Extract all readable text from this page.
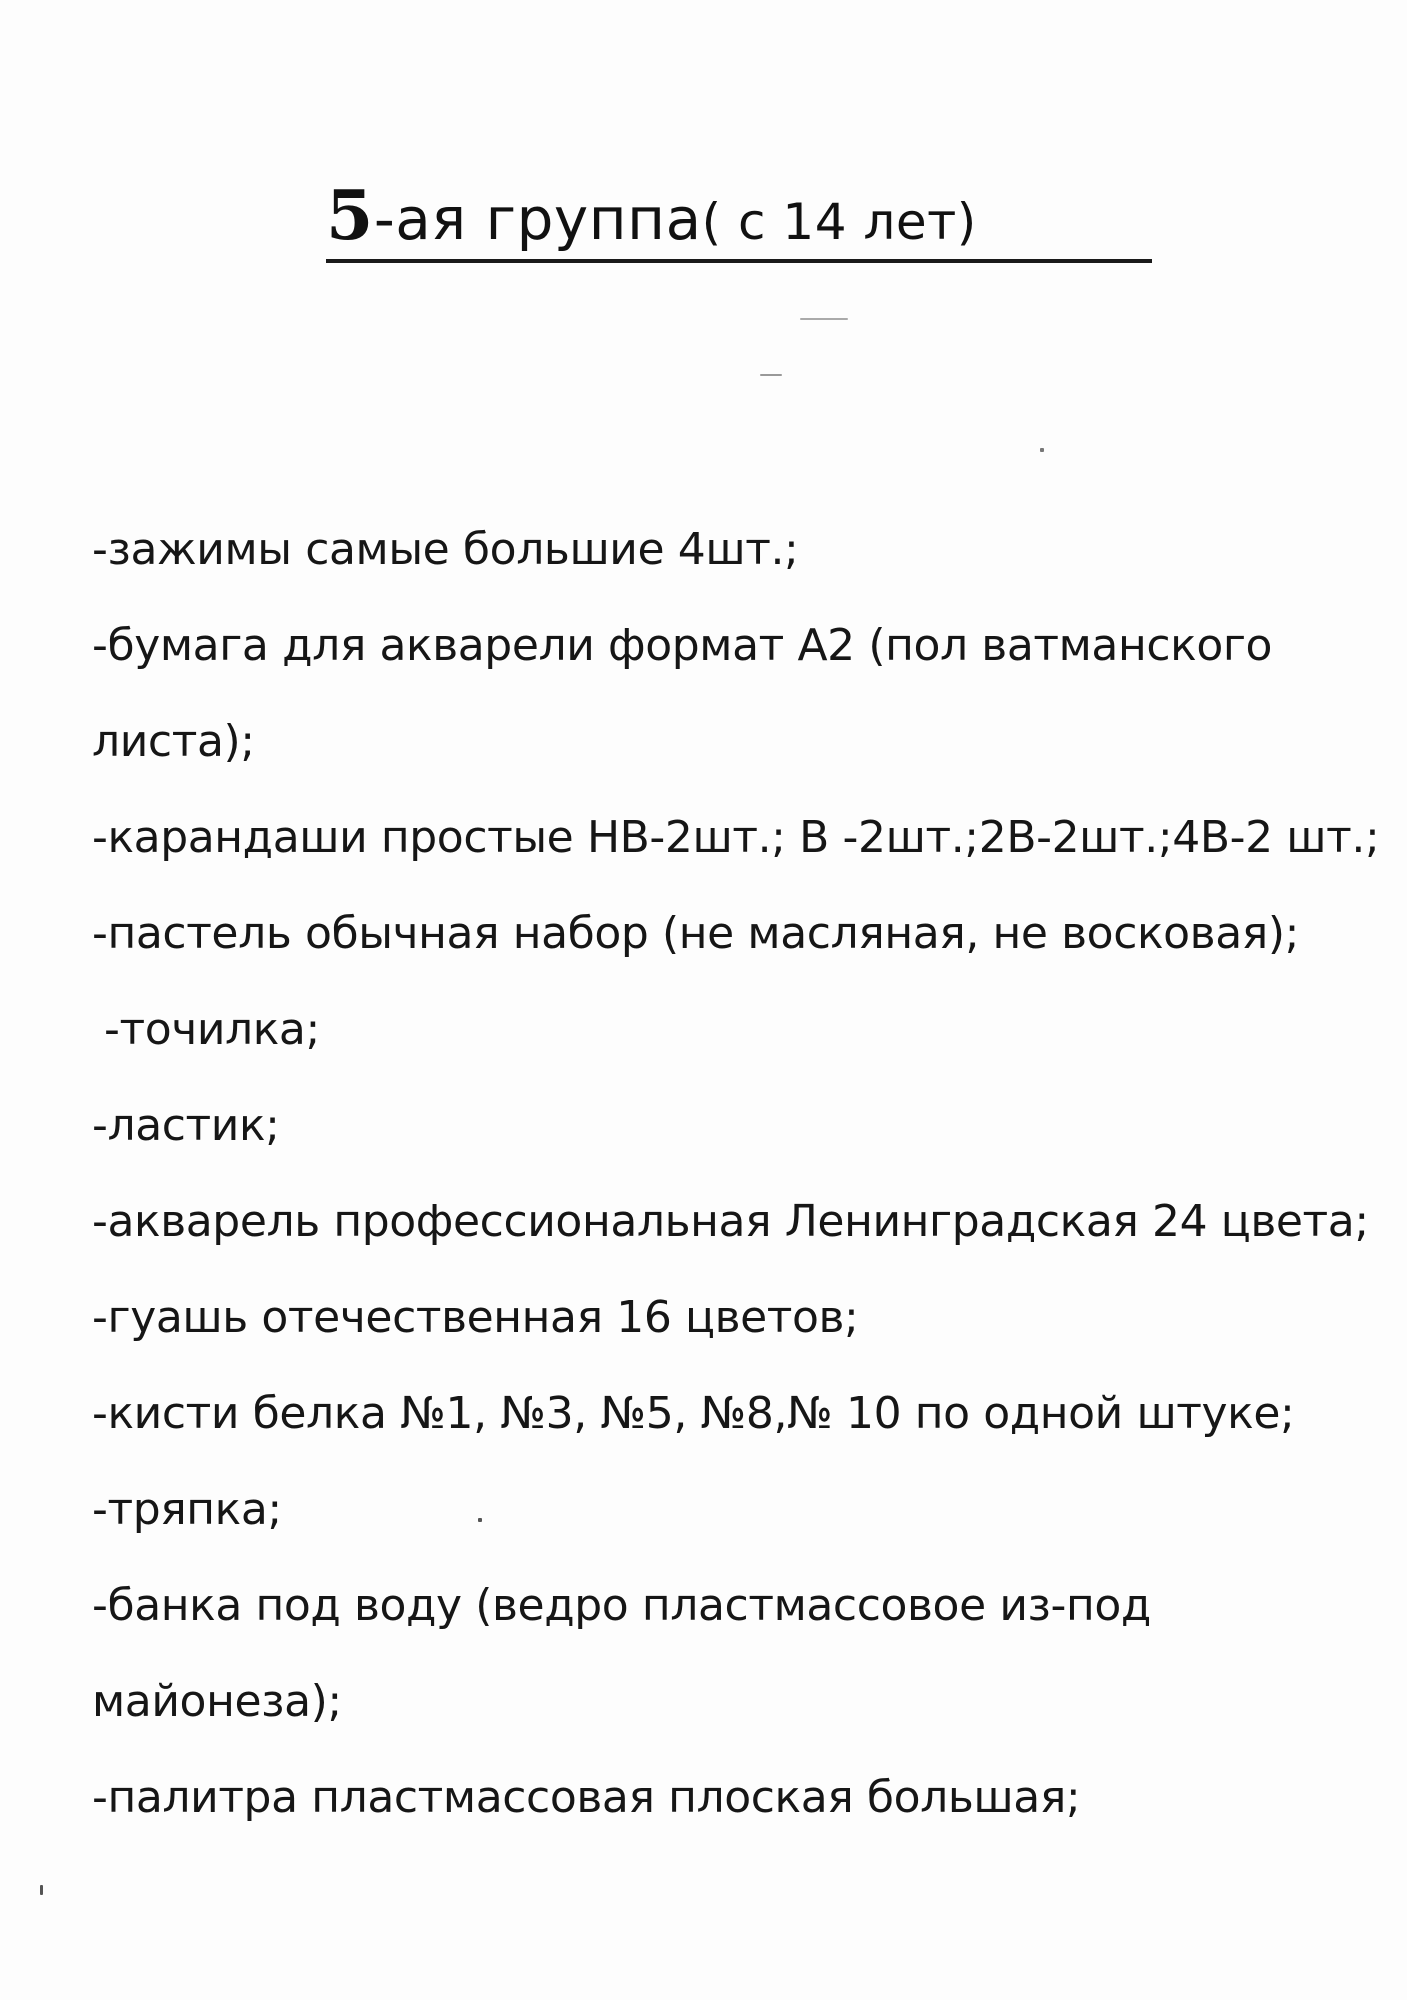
5-ая группа( с 14 лет)
-зажимы самые большие 4шт.;
-бумага для акварели формат А2 (пол ватманского листа);
-карандаши простые НВ-2шт.; В -2шт.;2В-2шт.;4В-2 шт.;
-пастель обычная набор (не масляная, не восковая);
-точилка;
-ластик;
-акварель профессиональная Ленинградская 24 цвета;
-гуашь отечественная 16 цветов;
-кисти белка №1, №3, №5, №8,№ 10 по одной штуке;
-тряпка;
-банка под воду (ведро пластмассовое из-под майонеза);
-палитра пластмассовая плоская большая;
